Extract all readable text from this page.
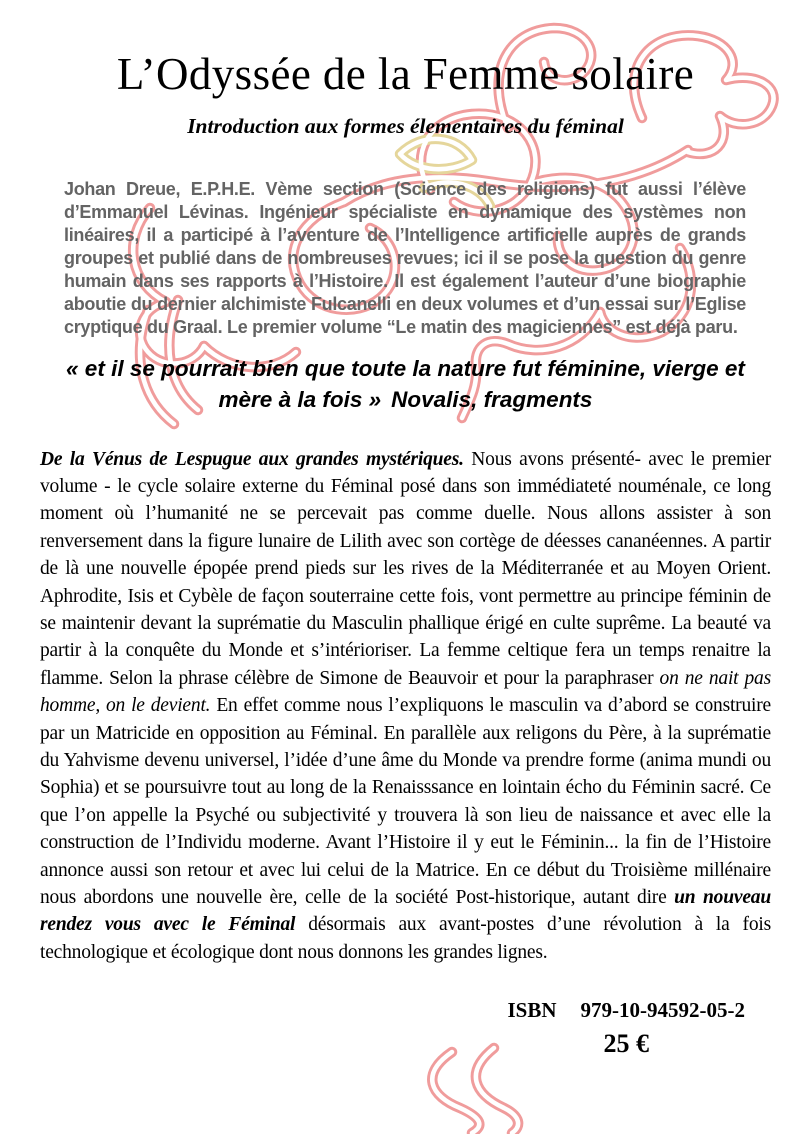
L’Odyssée de la Femme solaire
Introduction aux formes élementaires du féminal

Johan Dreue, E.P.H.E. Vème section (Science des religions) fut aussi l’élève d’Emmanuel Lévinas. Ingénieur spécialiste en dynamique des systèmes non linéaires, il a participé à l’aventure de l’Intelligence artificielle auprès de grands groupes et publié dans de nombreuses revues; ici il se pose la question du genre humain dans ses rapports à l’Histoire. Il est également l’auteur d’une biographie aboutie du dernier alchimiste Fulcanelli en deux volumes et d’un essai sur l’Eglise cryptique du Graal. Le premier volume “Le matin des magiciennes” est déjà paru.

« et il se pourrait bien que toute la nature fut féminine, vierge et mère à la fois » Novalis, fragments

De la Vénus de Lespugue aux grandes mystériques. Nous avons présenté- avec le premier volume - le cycle solaire externe du Féminal posé dans son immédiateté nouménale, ce long moment où l’humanité ne se percevait pas comme duelle. Nous allons assister à son renversement dans la figure lunaire de Lilith avec son cortège de déesses cananéennes. A partir de là une nouvelle épopée prend pieds sur les rives de la Méditerranée et au Moyen Orient. Aphrodite, Isis et Cybèle de façon souterraine cette fois, vont permettre au principe féminin de se maintenir devant la suprématie du Masculin phallique érigé en culte suprême. La beauté va partir à la conquête du Monde et s’intérioriser. La femme celtique fera un temps renaitre la flamme. Selon la phrase célèbre de Simone de Beauvoir et pour la paraphraser on ne nait pas homme, on le devient. En effet comme nous l’expliquons le masculin va d’abord se construire par un Matricide en opposition au Féminal. En parallèle aux religons du Père, à la suprématie du Yahvisme devenu universel, l’idée d’une âme du Monde va prendre forme (anima mundi ou Sophia) et se poursuivre tout au long de la Renaisssance en lointain écho du Féminin sacré. Ce que l’on appelle la Psyché ou subjectivité y trouvera là son lieu de naissance et avec elle la construction de l’Individu moderne. Avant l’Histoire il y eut le Féminin... la fin de l’Histoire annonce aussi son retour et avec lui celui de la Matrice. En ce début du Troisième millénaire nous abordons une nouvelle ère, celle de la société Post-historique, autant dire un nouveau rendez vous avec le Féminal désormais aux avant-postes d’une révolution à la fois technologique et écologique dont nous donnons les grandes lignes.

ISBN 979-10-94592-05-2
25 €
